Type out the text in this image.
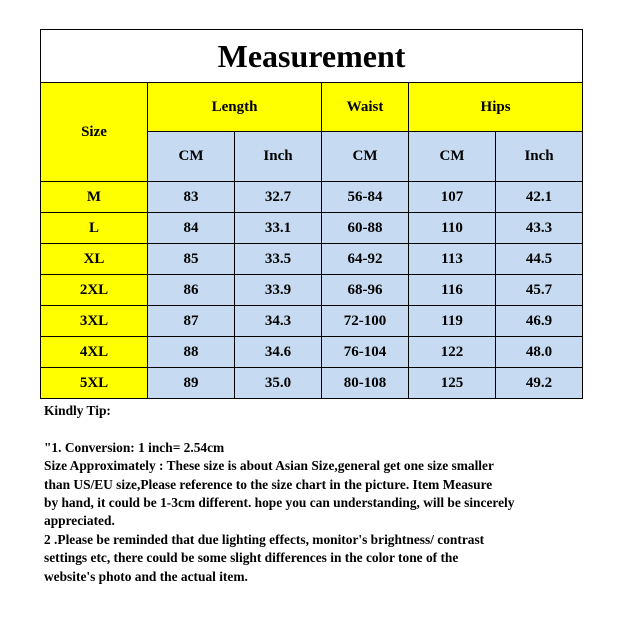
Measurement					
Size	Length		Waist	Hips	
	CM	Inch	CM	CM	Inch
M	83	32.7	56-84	107	42.1
L	84	33.1	60-88	110	43.3
XL	85	33.5	64-92	113	44.5
2XL	86	33.9	68-96	116	45.7
3XL	87	34.3	72-100	119	46.9
4XL	88	34.6	76-104	122	48.0
5XL	89	35.0	80-108	125	49.2
Kindly Tip:
"1. Conversion: 1 inch= 2.54cm
Size Approximately : These size is about Asian Size,general get one size smaller
than US/EU size,Please reference to the size chart in the picture. Item Measure
by hand, it could be 1-3cm different. hope you can understanding, will be sincerely
appreciated.
2 .Please be reminded that due lighting effects, monitor's brightness/ contrast
settings etc, there could be some slight differences in the color tone of the
website's photo and the actual item.
